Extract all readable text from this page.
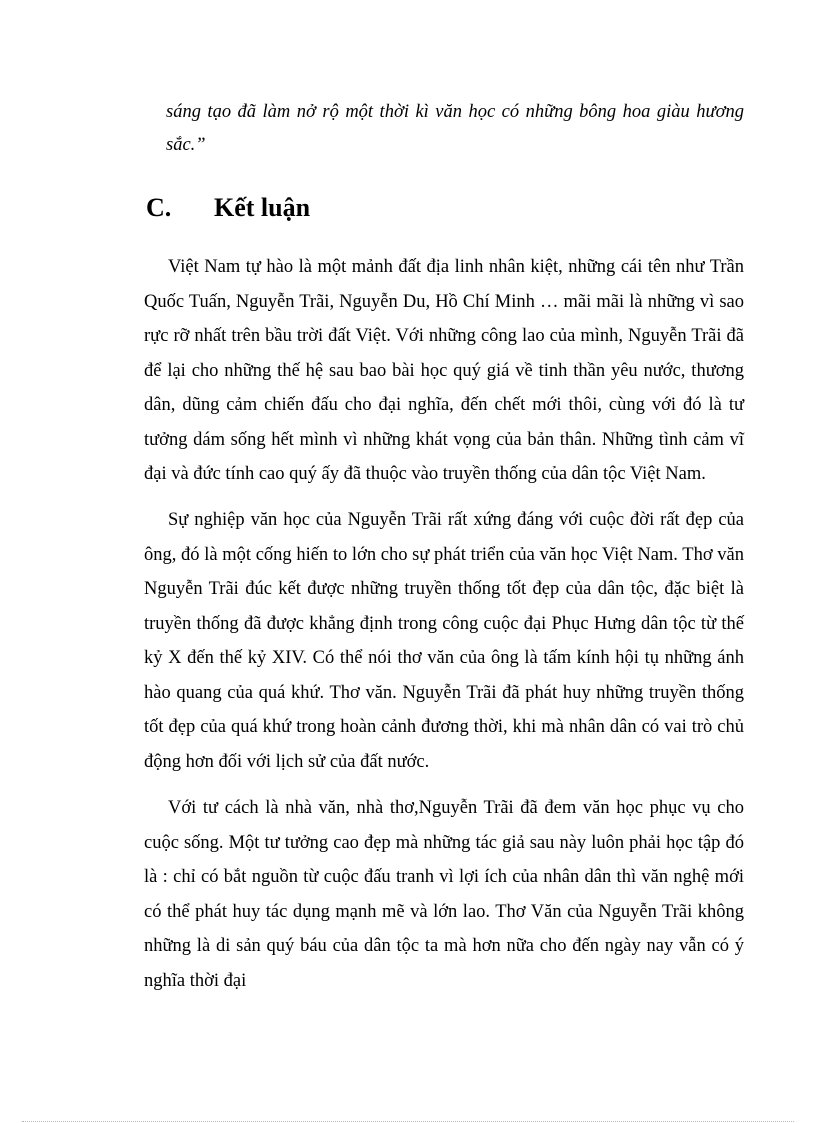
sáng tạo đã làm nở rộ một thời kì văn học có những bông hoa giàu hương sắc.”
C. Kết luận

Việt Nam tự hào là một mảnh đất địa linh nhân kiệt, những cái tên như Trần Quốc Tuấn, Nguyễn Trãi, Nguyễn Du, Hồ Chí Minh … mãi mãi là những vì sao rực rỡ nhất trên bầu trời đất Việt. Với những công lao của mình, Nguyễn Trãi đã để lại cho những thế hệ sau bao bài học quý giá về tinh thần yêu nước, thương dân, dũng cảm chiến đấu cho đại nghĩa, đến chết mới thôi, cùng với đó là tư tưởng dám sống hết mình vì những khát vọng của bản thân. Những tình cảm vĩ đại và đức tính cao quý ấy đã thuộc vào truyền thống của dân tộc Việt Nam.

Sự nghiệp văn học của Nguyễn Trãi rất xứng đáng với cuộc đời rất đẹp của ông, đó là một cống hiến to lớn cho sự phát triển của văn học Việt Nam. Thơ văn Nguyễn Trãi đúc kết được những truyền thống tốt đẹp của dân tộc, đặc biệt là truyền thống đã được khẳng định trong công cuộc đại Phục Hưng dân tộc từ thế kỷ X đến thế kỷ XIV. Có thể nói thơ văn của ông là tấm kính hội tụ những ánh hào quang của quá khứ. Thơ văn. Nguyễn Trãi đã phát huy những truyền thống tốt đẹp của quá khứ trong hoàn cảnh đương thời, khi mà nhân dân có vai trò chủ động hơn đối với lịch sử của đất nước.

Với tư cách là nhà văn, nhà thơ,Nguyễn Trãi đã đem văn học phục vụ cho cuộc sống. Một tư tưởng cao đẹp mà những tác giả sau này luôn phải học tập đó là : chỉ có bắt nguồn từ cuộc đấu tranh vì lợi ích của nhân dân thì văn nghệ mới có thể phát huy tác dụng mạnh mẽ và lớn lao. Thơ Văn của Nguyễn Trãi không những là di sản quý báu của dân tộc ta mà hơn nữa cho đến ngày nay vẫn có ý nghĩa thời đại
